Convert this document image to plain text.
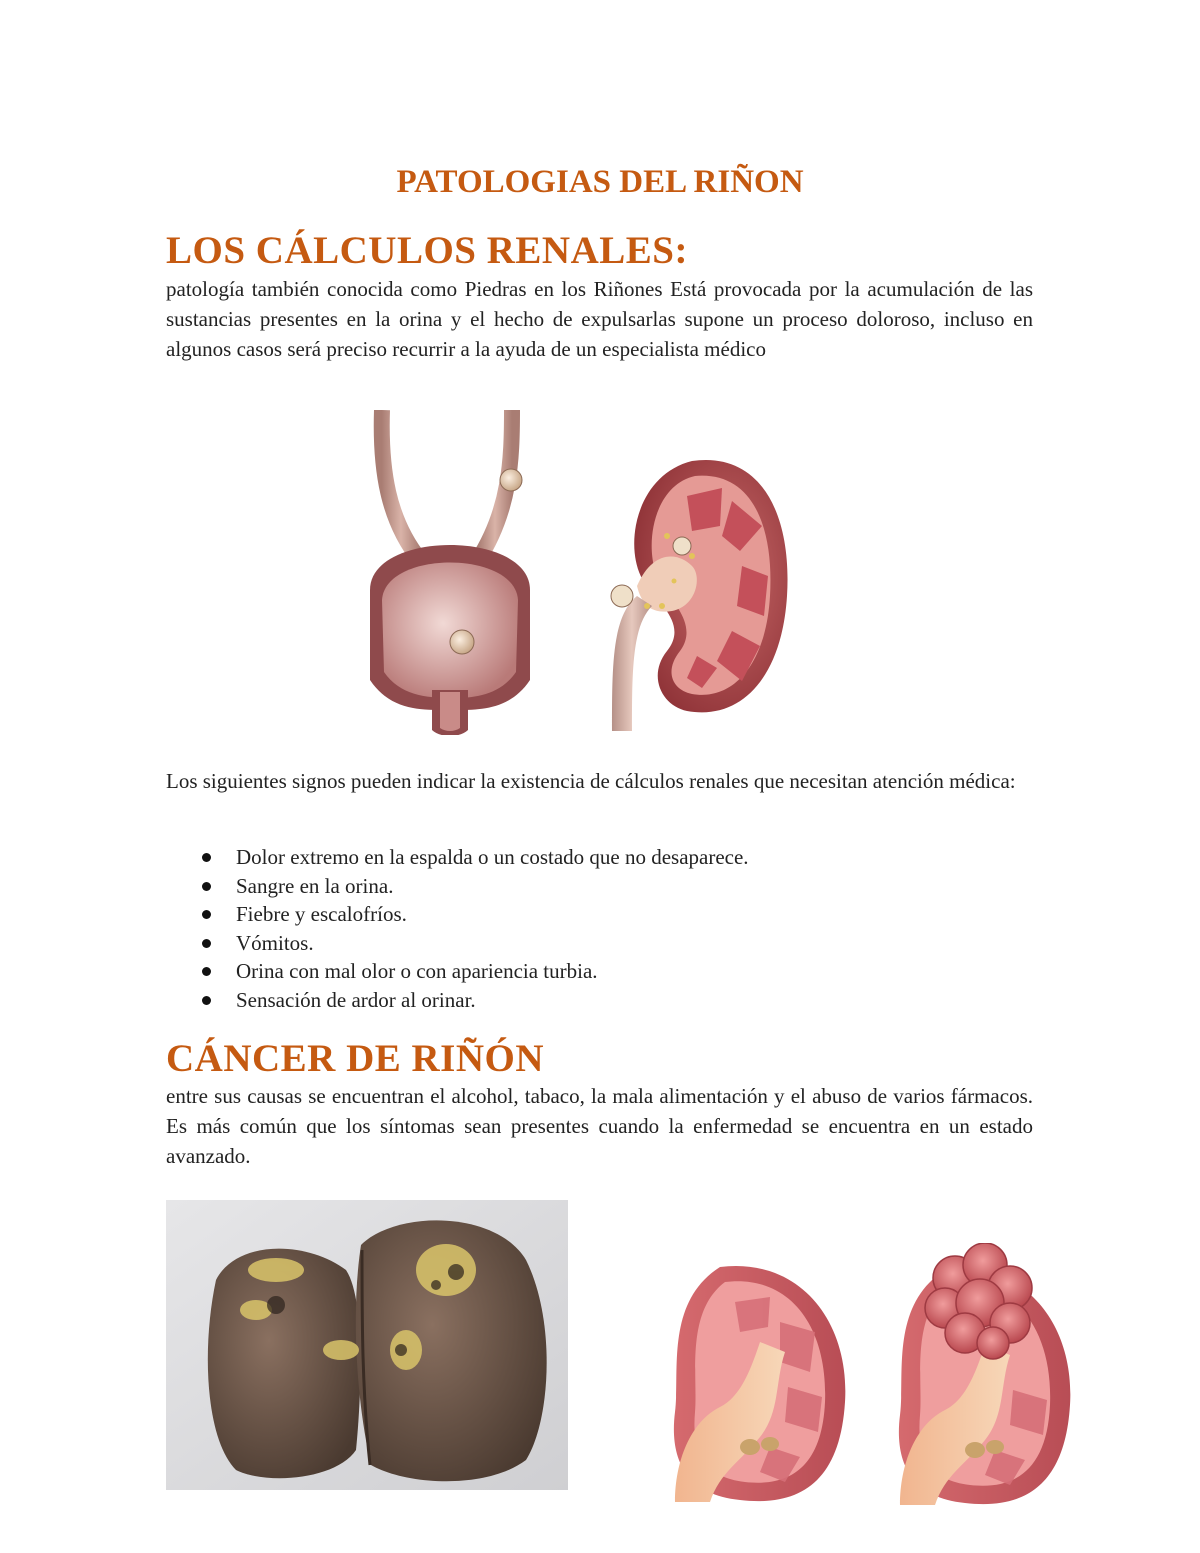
PATOLOGIAS DEL RIÑON
LOS CÁLCULOS RENALES:

patología también conocida como Piedras en los Riñones Está provocada por la acumulación de las sustancias presentes en la orina y el hecho de expulsarlas supone un proceso doloroso, incluso en algunos casos será preciso recurrir a la ayuda de un especialista médico

Los siguientes signos pueden indicar la existencia de cálculos renales que necesitan atención médica:

Dolor extremo en la espalda o un costado que no desaparece.
Sangre en la orina.
Fiebre y escalofríos.
Vómitos.
Orina con mal olor o con apariencia turbia.
Sensación de ardor al orinar.
CÁNCER DE RIÑÓN

entre sus causas se encuentran el alcohol, tabaco, la mala alimentación y el abuso de varios fármacos. Es más común que los síntomas sean presentes cuando la enfermedad se encuentra en un estado avanzado.
